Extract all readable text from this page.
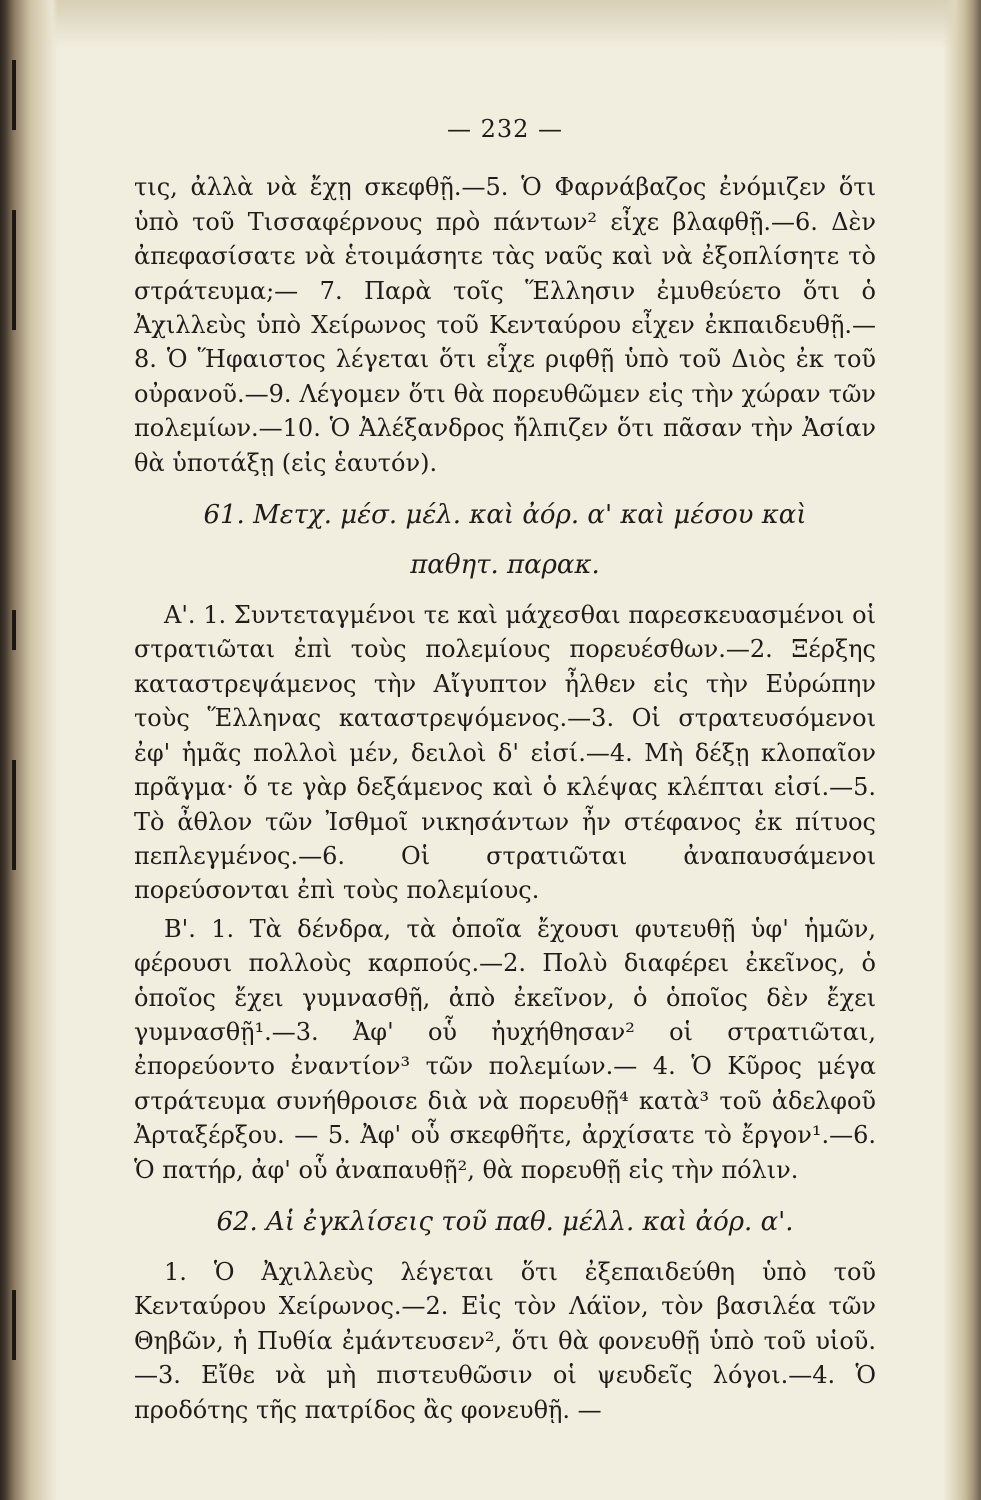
— 232 —

τις, ἀλλὰ νὰ ἔχῃ σκεφθῇ.—5. Ὁ Φαρνάβαζος ἐνόμιζεν ὅτι ὑπὸ τοῦ Τισσαφέρνους πρὸ πάντων² εἶχε βλαφθῇ.—6. Δὲν ἀπεφασίσατε νὰ ἑτοιμάσητε τὰς ναῦς καὶ νὰ ἐξοπλίσητε τὸ στράτευμα;— 7. Παρὰ τοῖς Ἕλλησιν ἐμυθεύετο ὅτι ὁ Ἀχιλλεὺς ὑπὸ Χείρωνος τοῦ Κενταύρου εἶχεν ἐκπαιδευθῇ.—8. Ὁ Ἥφαιστος λέγεται ὅτι εἶχε ριφθῇ ὑπὸ τοῦ Διὸς ἐκ τοῦ οὐρανοῦ.—9. Λέγομεν ὅτι θὰ πορευθῶμεν εἰς τὴν χώραν τῶν πολεμίων.—10. Ὁ Ἀλέξανδρος ἤλπιζεν ὅτι πᾶσαν τὴν Ἀσίαν θὰ ὑποτάξῃ (εἰς ἑαυτόν).

61. Μετχ. μέσ. μέλ. καὶ ἀόρ. α' καὶ μέσου καὶ
παθητ. παρακ.

Α'. 1. Συντεταγμένοι τε καὶ μάχεσθαι παρεσκευασμένοι οἱ στρατιῶται ἐπὶ τοὺς πολεμίους πορευέσθων.—2. Ξέρξης καταστρεψάμενος τὴν Αἴγυπτον ἦλθεν εἰς τὴν Εὐρώπην τοὺς Ἕλληνας καταστρεψόμενος.—3. Οἱ στρατευσόμενοι ἐφ' ἡμᾶς πολλοὶ μέν, δειλοὶ δ' εἰσί.—4. Μὴ δέξῃ κλοπαῖον πρᾶγμα· ὅ τε γὰρ δεξάμενος καὶ ὁ κλέψας κλέπται εἰσί.—5. Τὸ ἆθλον τῶν Ἰσθμοῖ νικησάντων ἦν στέφανος ἐκ πίτυος πεπλεγμένος.—6. Οἱ στρατιῶται ἀναπαυσάμενοι πορεύσονται ἐπὶ τοὺς πολεμίους.

Β'. 1. Τὰ δένδρα, τὰ ὁποῖα ἔχουσι φυτευθῇ ὑφ' ἡμῶν, φέρουσι πολλοὺς καρπούς.—2. Πολὺ διαφέρει ἐκεῖνος, ὁ ὁποῖος ἔχει γυμνασθῇ, ἀπὸ ἐκεῖνον, ὁ ὁποῖος δὲν ἔχει γυμνασθῇ¹.—3. Ἀφ' οὗ ἠυχήθησαν² οἱ στρατιῶται, ἐπορεύοντο ἐναντίον³ τῶν πολεμίων.— 4. Ὁ Κῦρος μέγα στράτευμα συνήθροισε διὰ νὰ πορευθῇ⁴ κατὰ³ τοῦ ἀδελφοῦ Ἀρταξέρξου. — 5. Ἀφ' οὗ σκεφθῆτε, ἀρχίσατε τὸ ἔργον¹.—6. Ὁ πατήρ, ἀφ' οὗ ἀναπαυθῇ², θὰ πορευθῇ εἰς τὴν πόλιν.

62. Αἱ ἐγκλίσεις τοῦ παθ. μέλλ. καὶ ἀόρ. α'.

1. Ὁ Ἀχιλλεὺς λέγεται ὅτι ἐξεπαιδεύθη ὑπὸ τοῦ Κενταύρου Χείρωνος.—2. Εἰς τὸν Λάϊον, τὸν βασιλέα τῶν Θηβῶν, ἡ Πυθία ἐμάντευσεν², ὅτι θὰ φονευθῇ ὑπὸ τοῦ υἱοῦ.—3. Εἴθε νὰ μὴ πιστευθῶσιν οἱ ψευδεῖς λόγοι.—4. Ὁ προδότης τῆς πατρίδος ἂς φονευθῇ. —
